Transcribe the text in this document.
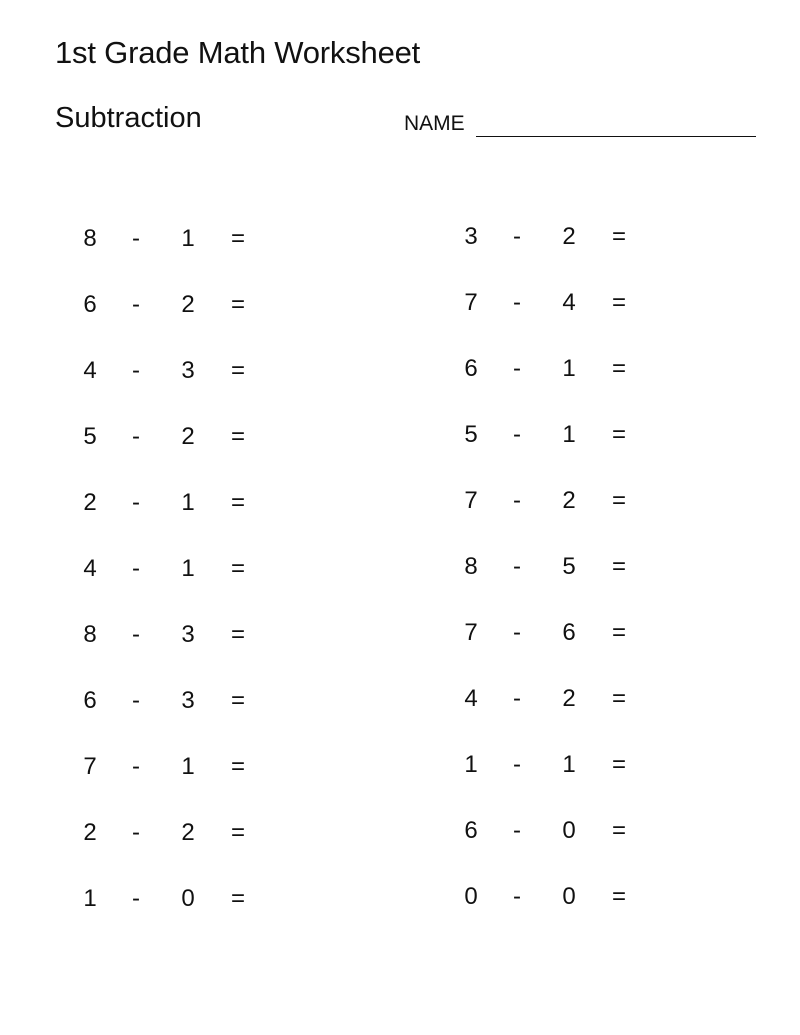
1st Grade Math Worksheet
Subtraction	NAME
8	-	1	=
6	-	2	=
4	-	3	=
5	-	2	=
2	-	1	=
4	-	1	=
8	-	3	=
6	-	3	=
7	-	1	=
2	-	2	=
1	-	0	=
3	-	2	=
7	-	4	=
6	-	1	=
5	-	1	=
7	-	2	=
8	-	5	=
7	-	6	=
4	-	2	=
1	-	1	=
6	-	0	=
0	-	0	=
